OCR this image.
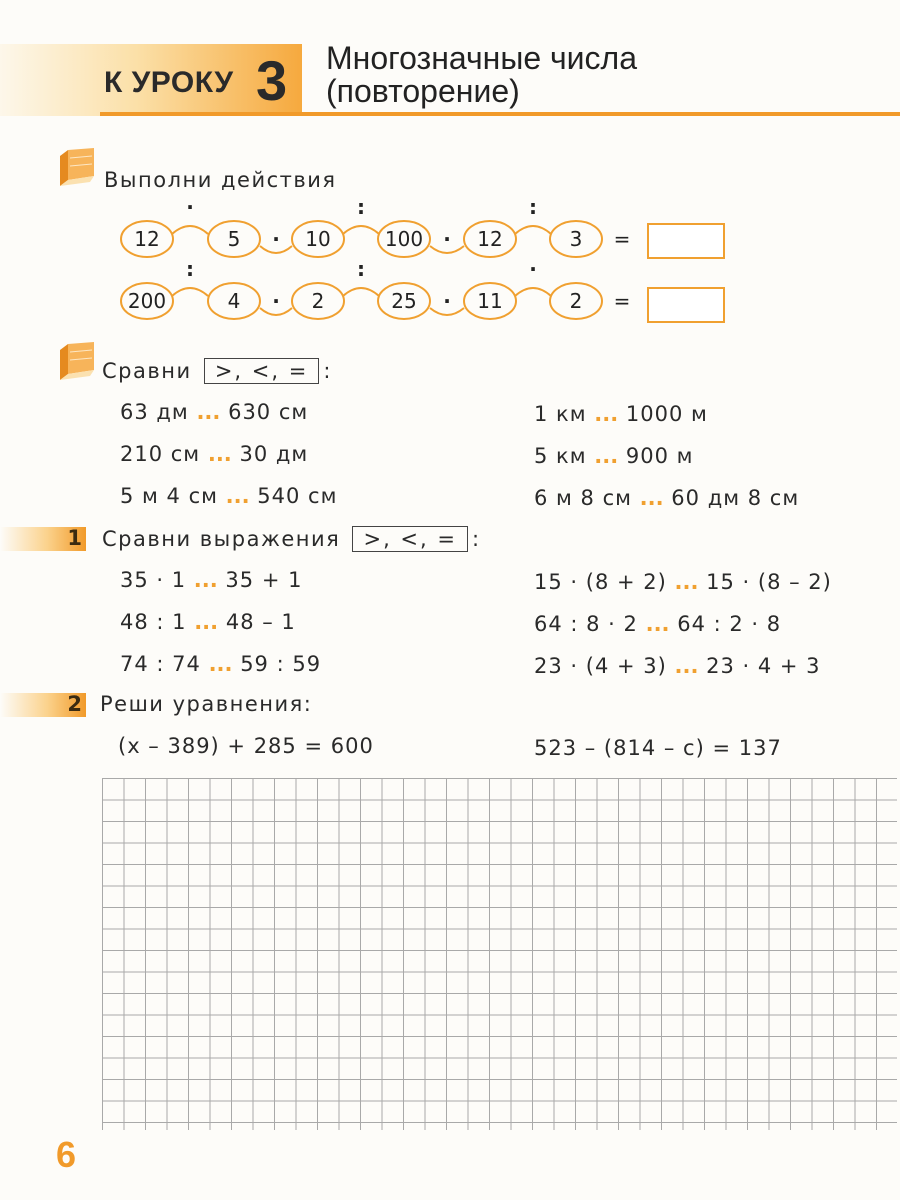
К УРОКУ 3 Многозначные числа
(повторение)
Выполни действия
12	5	10	100	12	3
·
·
:
·
:
=
200	4	2	25	11	2
:
·
:
·
·
=
Сравни >, <, = :
63 дм ... 630 см
210 см ... 30 дм
5 м 4 см ... 540 см
1 км ... 1000 м
5 км ... 900 м
6 м 8 см ... 60 дм 8 см
1 Сравни выражения >, <, = :
35 · 1 ... 35 + 1
48 : 1 ... 48 – 1
74 : 74 ... 59 : 59
15 · (8 + 2) ... 15 · (8 – 2)
64 : 8 · 2 ... 64 : 2 · 8
23 · (4 + 3) ... 23 · 4 + 3
2 Реши уравнения:
(x – 389) + 285 = 600	523 – (814 – c) = 137
6
